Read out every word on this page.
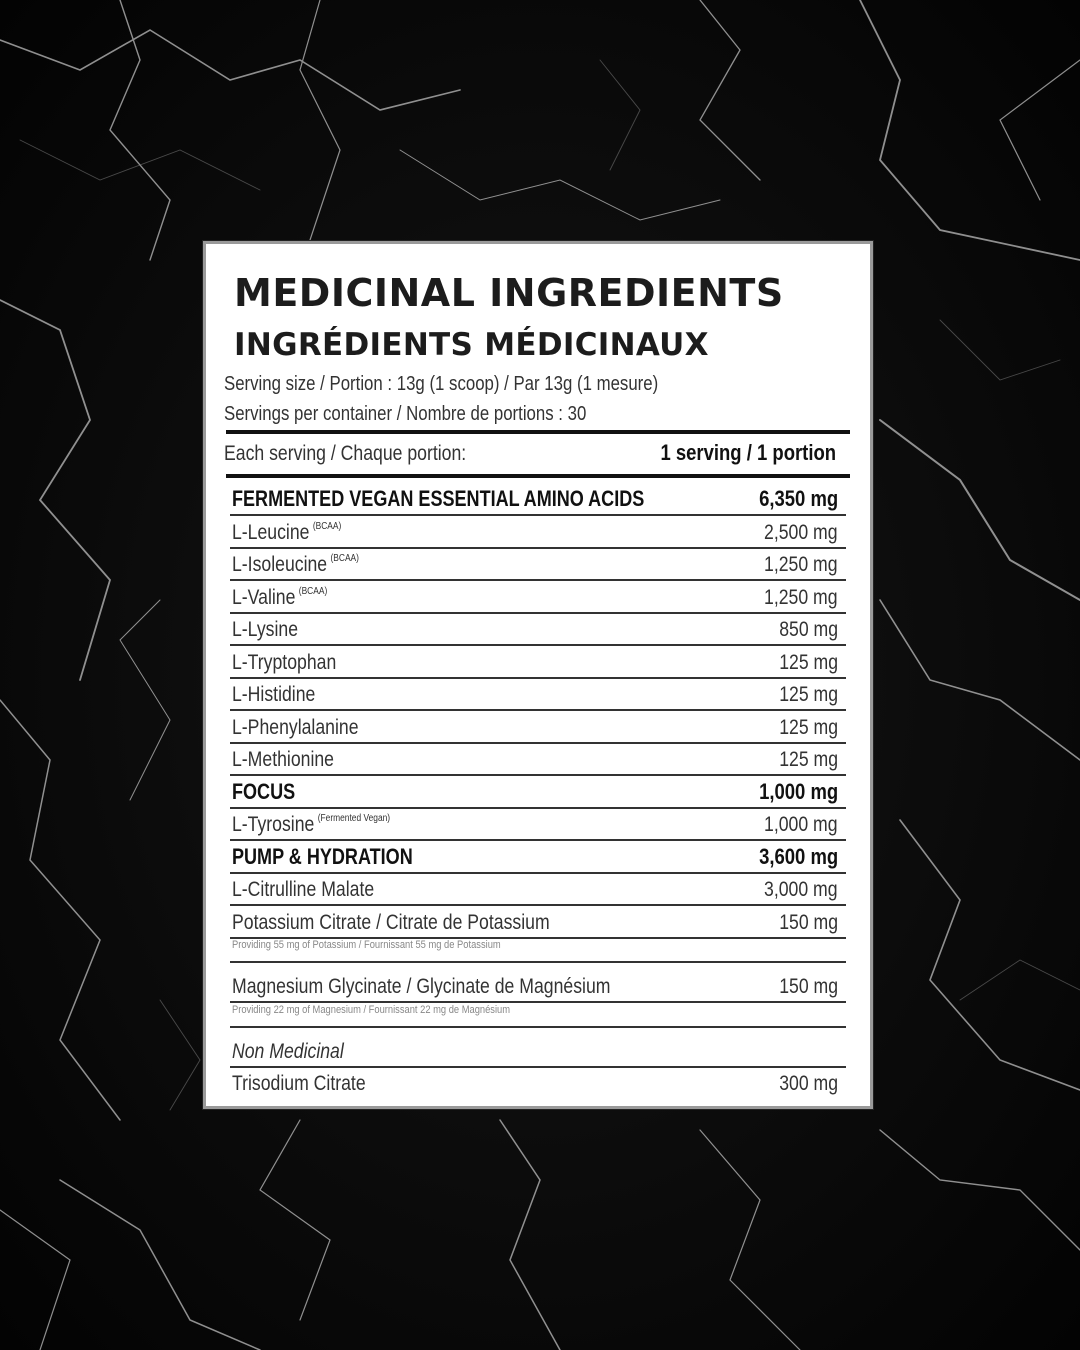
MEDICINAL INGREDIENTS
INGRÉDIENTS MÉDICINAUX
Serving size / Portion : 13g (1 scoop) / Par 13g (1 mesure)
Servings per container / Nombre de portions : 30
Each serving / Chaque portion:	1 serving / 1 portion
FERMENTED VEGAN ESSENTIAL AMINO ACIDS	6,350 mg
L-Leucine $^{(BCAA)}$	2,500 mg
L-Isoleucine $^{(BCAA)}$	1,250 mg
L-Valine $^{(BCAA)}$	1,250 mg
L-Lysine	850 mg
L-Tryptophan	125 mg
L-Histidine	125 mg
L-Phenylalanine	125 mg
L-Methionine	125 mg
FOCUS	1,000 mg
L-Tyrosine $^{(Fermented Vegan)}$	1,000 mg
PUMP & HYDRATION	3,600 mg
L-Citrulline Malate	3,000 mg
Potassium Citrate / Citrate de Potassium	150 mg
Providing 55 mg of Potassium / Fournissant 55 mg de Potassium
Magnesium Glycinate / Glycinate de Magnésium	150 mg
Providing 22 mg of Magnesium / Fournissant 22 mg de Magnésium
Non Medicinal
Trisodium Citrate	300 mg
